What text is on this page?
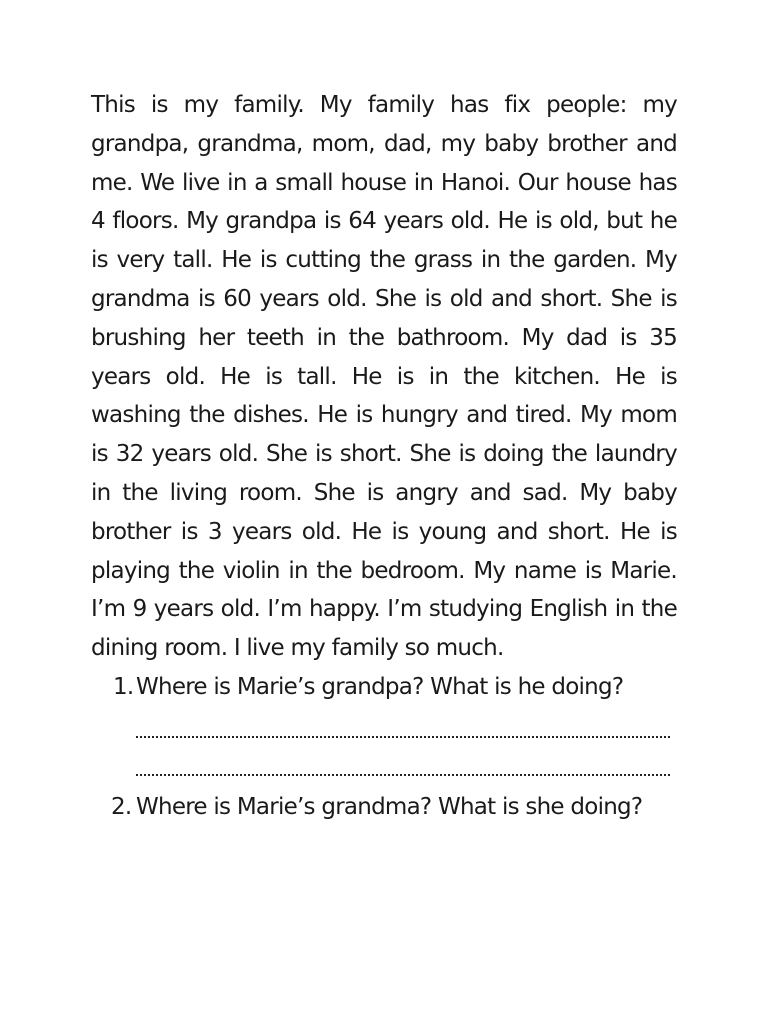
This is my family. My family has fix people: my grandpa, grandma, mom, dad, my baby brother and me. We live in a small house in Hanoi. Our house has 4 floors. My grandpa is 64 years old. He is old, but he is very tall. He is cutting the grass in the garden. My grandma is 60 years old. She is old and short. She is brushing her teeth in the bathroom. My dad is 35 years old. He is tall. He is in the kitchen. He is washing the dishes. He is hungry and tired. My mom is 32 years old. She is short. She is doing the laundry in the living room. She is angry and sad. My baby brother is 3 years old. He is young and short. He is playing the violin in the bedroom. My name is Marie. I’m 9 years old. I’m happy. I’m studying English in the dining room. I live my family so much.

1. Where is Marie’s grandpa? What is he doing?

2. Where is Marie’s grandma? What is she doing?
